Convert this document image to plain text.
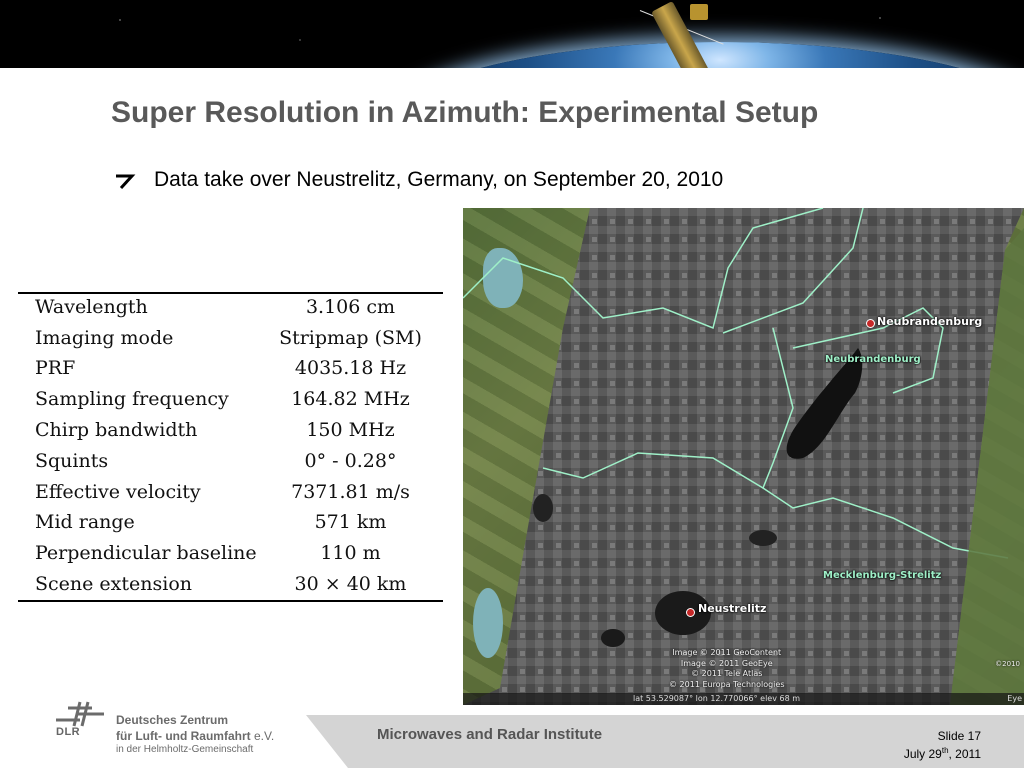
Super Resolution in Azimuth: Experimental Setup
Data take over Neustrelitz, Germany, on September 20, 2010
Wavelength	3.106 cm
Imaging mode	Stripmap (SM)
PRF	4035.18 Hz
Sampling frequency	164.82 MHz
Chirp bandwidth	150 MHz
Squints	0° - 0.28°
Effective velocity	7371.81 m/s
Mid range	571 km
Perpendicular baseline	110 m
Scene extension	30 × 40 km
Neubrandenburg
Neubrandenburg
Mecklenburg-Strelitz
Neustrelitz
Image © 2011 GeoContent
Image © 2011 GeoEye
© 2011 Tele Atlas
© 2011 Europa Technologies
©2010
lat 53.529087° lon 12.770066° elev 68 m	Eye
DLR
Deutsches Zentrum
für Luft- und Raumfahrt e.V.
in der Helmholtz-Gemeinschaft
Microwaves and Radar Institute	Slide 17
July 29th, 2011
